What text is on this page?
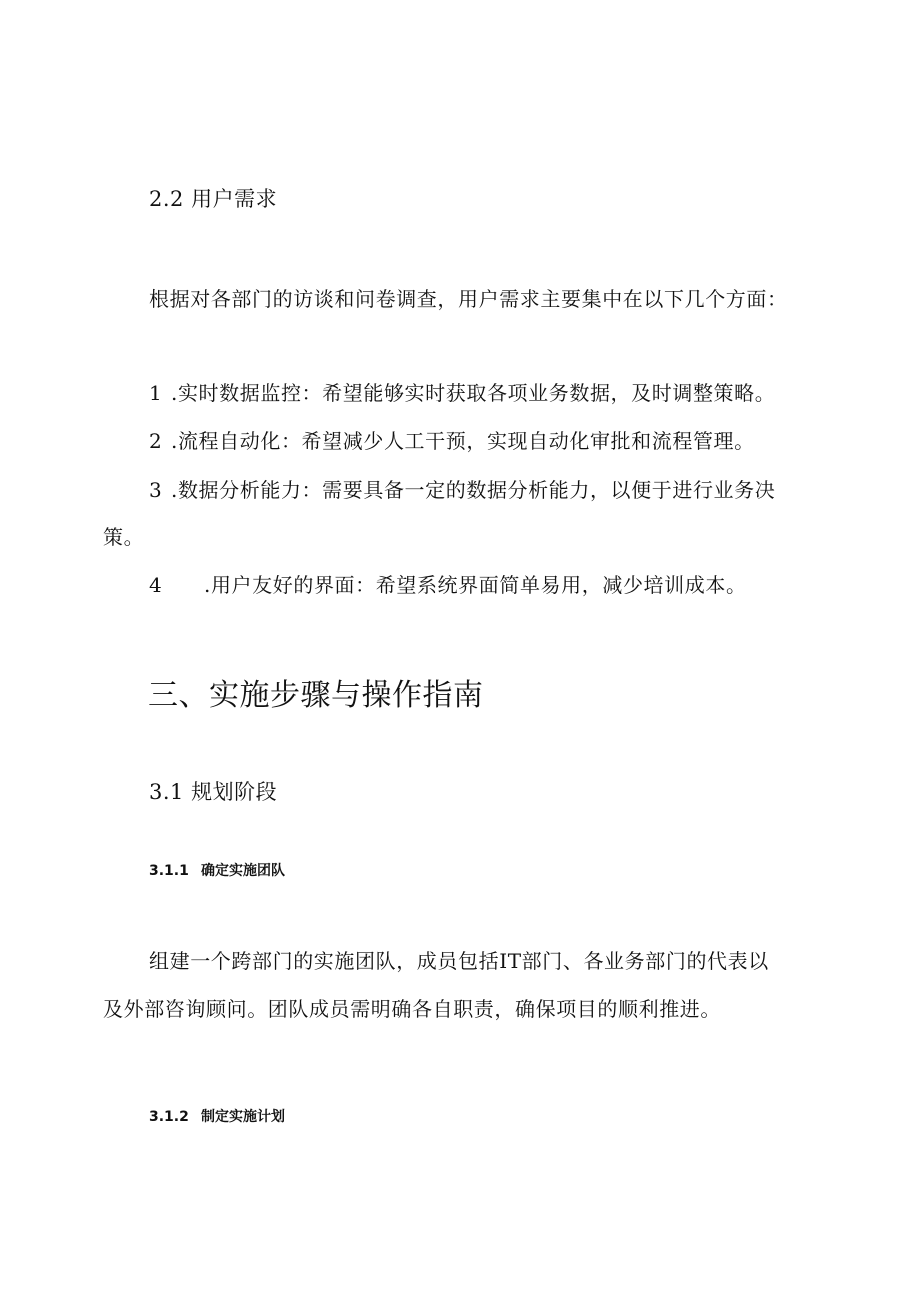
2.2 用户需求
根据对各部门的访谈和问卷调查，用户需求主要集中在以下几个方面：
1 .实时数据监控：希望能够实时获取各项业务数据，及时调整策略。
2 .流程自动化：希望减少人工干预，实现自动化审批和流程管理。
3 .数据分析能力：需要具备一定的数据分析能力，以便于进行业务决
策。
4 .用户友好的界面：希望系统界面简单易用，减少培训成本。
三、实施步骤与操作指南
3.1 规划阶段
3.1.1 确定实施团队
组建一个跨部门的实施团队，成员包括IT部门、各业务部门的代表以
及外部咨询顾问。团队成员需明确各自职责，确保项目的顺利推进。
3.1.2 制定实施计划
